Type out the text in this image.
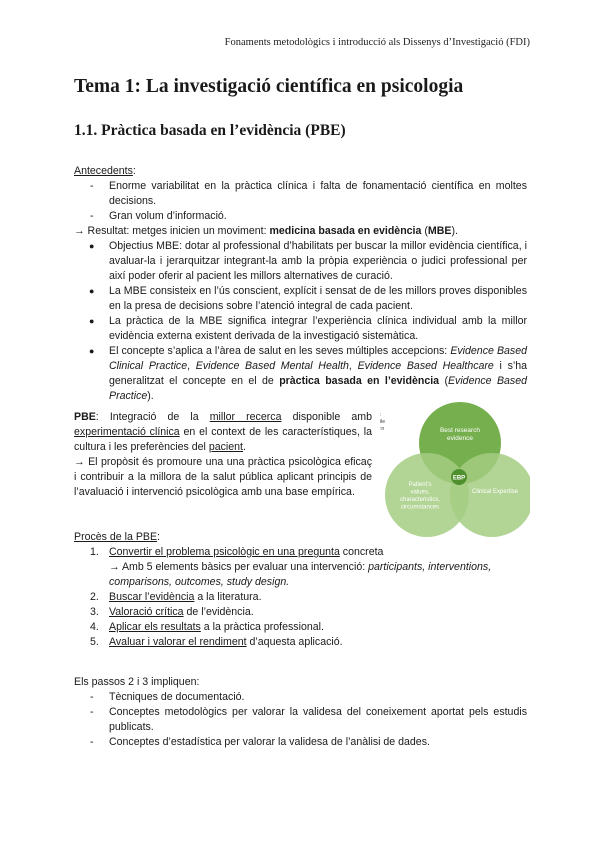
Fonaments metodològics i introducció als Dissenys d’Investigació (FDI)
Tema 1: La investigació científica en psicologia
1.1. Pràctica basada en l’evidència (PBE)
Antecedents:
- Enorme variabilitat en la pràctica clínica i falta de fonamentació científica en moltes decisions.
- Gran volum d’informació.
→ Resultat: metges inicien un moviment: medicina basada en evidència (MBE).
● Objectius MBE: dotar al professional d’habilitats per buscar la millor evidència científica, i avaluar-la i jerarquitzar integrant-la amb la pròpia experiència o judici professional per així poder oferir al pacient les millors alternatives de curació.
● La MBE consisteix en l’ús conscient, explícit i sensat de de les millors proves disponibles en la presa de decisions sobre l’atenció integral de cada pacient.
● La pràctica de la MBE significa integrar l’experiència clínica individual amb la millor evidència externa existent derivada de la investigació sistemàtica.
● El concepte s’aplica a l’àrea de salut en les seves múltiples accepcions: Evidence Based Clinical Practice, Evidence Based Mental Health, Evidence Based Healthcare i s’ha generalitzat el concepte en el de pràctica basada en l’evidència (Evidence Based Practice).
PBE: Integració de la millor recerca disponible amb experimentació clínica en el context de les característiques, la cultura i les preferències del pacient.
→ El propòsit és promoure una una pràctica psicològica eficaç i contribuir a la millora de la salut pública aplicant principis de l’avaluació i intervenció psicològica amb una base empírica.
: ile :n
EBP
Best research evidence
Patient’s values, characteristics, circumstances
Clinical Expertise
Procès de la PBE:
1. Convertir el problema psicològic en una pregunta concreta
→ Amb 5 elements bàsics per evaluar una intervenció: participants, interventions, comparisons, outcomes, study design.
2. Buscar l’evidència a la literatura.
3. Valoració crítica de l’evidència.
4. Aplicar els resultats a la pràctica professional.
5. Avaluar i valorar el rendiment d’aquesta aplicació.
Els passos 2 i 3 impliquen:
- Tècniques de documentació.
- Conceptes metodològics per valorar la validesa del coneixement aportat pels estudis publicats.
- Conceptes d’estadística per valorar la validesa de l’anàlisi de dades.
